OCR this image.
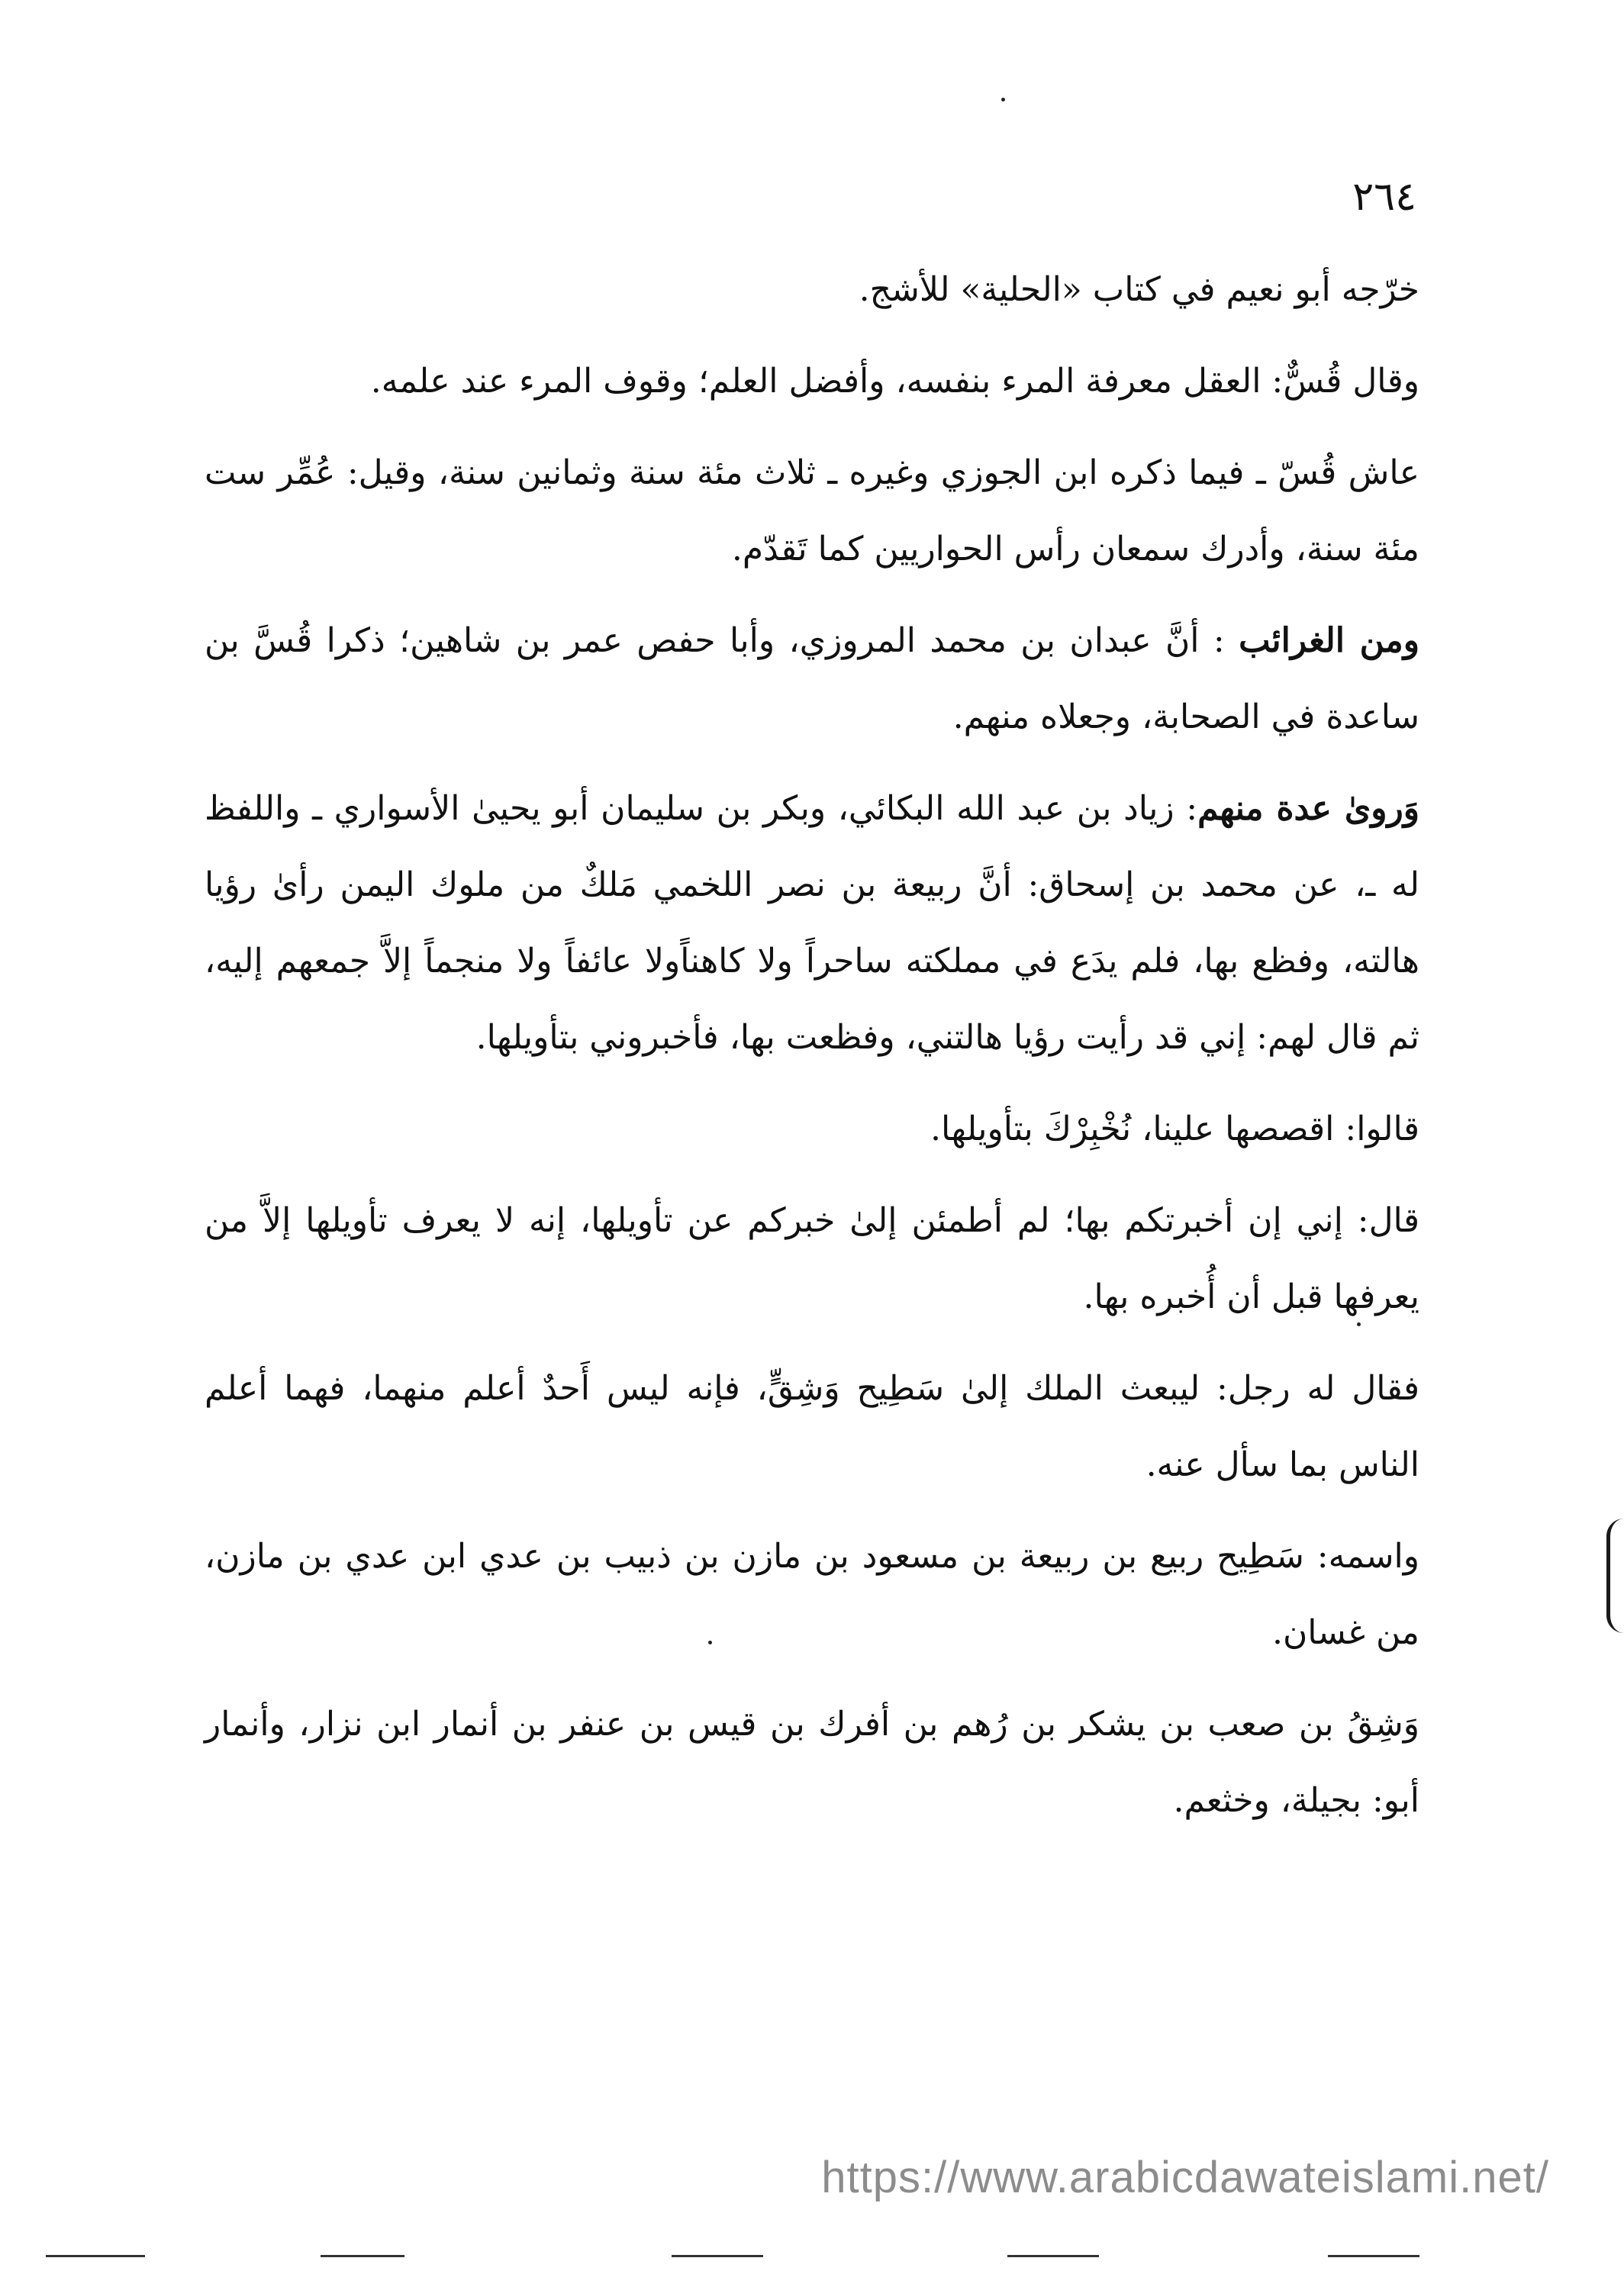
٢٦٤

خرّجه أبو نعيم في كتاب «الحلية» للأشج.

وقال قُسٌّ: العقل معرفة المرء بنفسه، وأفضل العلم؛ وقوف المرء عند علمه.

عاش قُسّ ـ فيما ذكره ابن الجوزي وغيره ـ ثلاث مئة سنة وثمانين سنة، وقيل: عُمِّر ست مئة سنة، وأدرك سمعان رأس الحواريين كما تَقدّم.

ومن الغرائب : أنَّ عبدان بن محمد المروزي، وأبا حفص عمر بن شاهين؛ ذكرا قُسَّ بن ساعدة في الصحابة، وجعلاه منهم.

وَروىٰ عدة منهم: زياد بن عبد الله البكائي، وبكر بن سليمان أبو يحيىٰ الأسواري ـ واللفظ له ـ، عن محمد بن إسحاق: أنَّ ربيعة بن نصر اللخمي مَلكٌ من ملوك اليمن رأىٰ رؤيا هالته، وفظع بها، فلم يدَع في مملكته ساحراً ولا كاهناًولا عائفاً ولا منجماً إلاَّ جمعهم إليه، ثم قال لهم: إني قد رأيت رؤيا هالتني، وفظعت بها، فأخبروني بتأويلها.

قالوا: اقصصها علينا، نُخْبِرْكَ بتأويلها.

قال: إني إن أخبرتكم بها؛ لم أطمئن إلىٰ خبركم عن تأويلها، إنه لا يعرف تأويلها إلاَّ من يعرفها قبل أن أُخبره بها.

فقال له رجل: ليبعث الملك إلىٰ سَطِيح وَشِقٍّ، فإنه ليس أَحدٌ أعلم منهما، فهما أعلم الناس بما سأل عنه.

واسمه: سَطِيح ربيع بن ربيعة بن مسعود بن مازن بن ذبيب بن عدي ابن عدي بن مازن، من غسان.

وَشِقُ بن صعب بن يشكر بن رُهم بن أفرك بن قيس بن عنفر بن أنمار ابن نزار، وأنمار أبو: بجيلة، وخثعم.

https://www.arabicdawateislami.net/
